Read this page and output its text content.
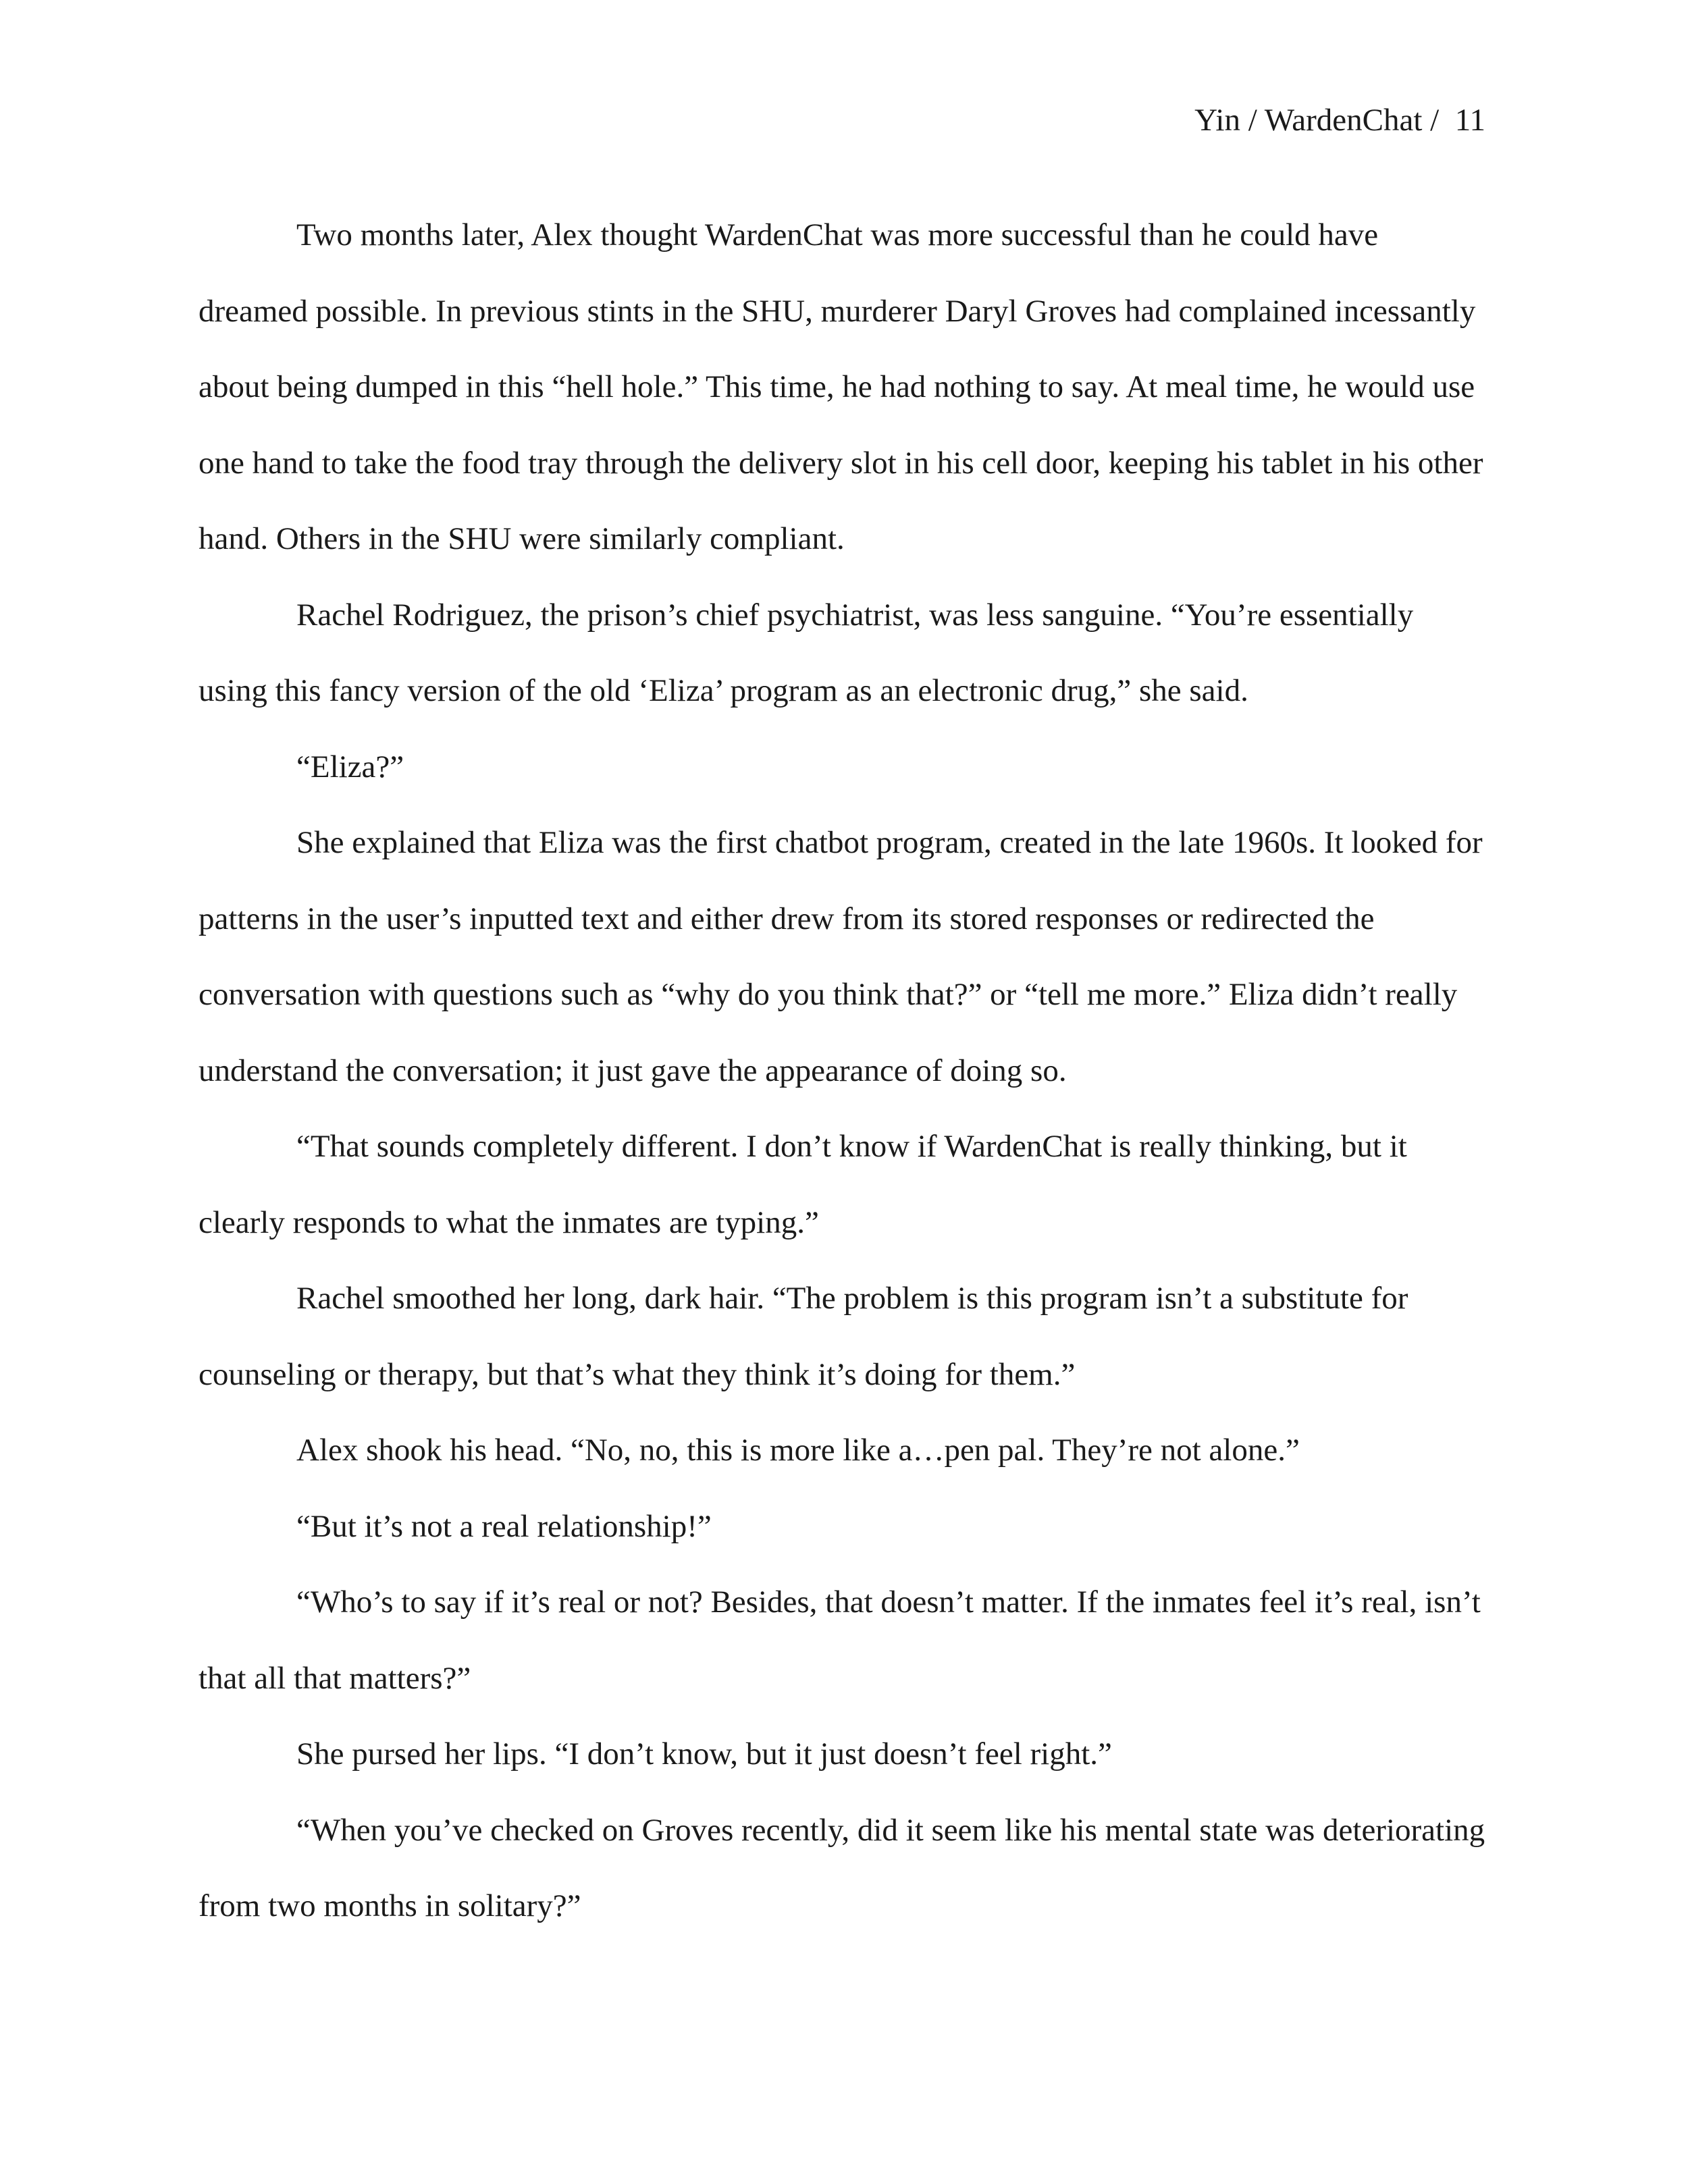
Yin / WardenChat /  11

Two months later, Alex thought WardenChat was more successful than he could have dreamed possible. In previous stints in the SHU, murderer Daryl Groves had complained incessantly about being dumped in this “hell hole.” This time, he had nothing to say. At meal time, he would use one hand to take the food tray through the delivery slot in his cell door, keeping his tablet in his other hand. Others in the SHU were similarly compliant.

Rachel Rodriguez, the prison’s chief psychiatrist, was less sanguine. “You’re essentially using this fancy version of the old ‘Eliza’ program as an electronic drug,” she said.

“Eliza?”

She explained that Eliza was the first chatbot program, created in the late 1960s. It looked for patterns in the user’s inputted text and either drew from its stored responses or redirected the conversation with questions such as “why do you think that?” or “tell me more.” Eliza didn’t really understand the conversation; it just gave the appearance of doing so.

“That sounds completely different. I don’t know if WardenChat is really thinking, but it clearly responds to what the inmates are typing.”

Rachel smoothed her long, dark hair. “The problem is this program isn’t a substitute for counseling or therapy, but that’s what they think it’s doing for them.”

Alex shook his head. “No, no, this is more like a…pen pal. They’re not alone.”

“But it’s not a real relationship!”

“Who’s to say if it’s real or not? Besides, that doesn’t matter. If the inmates feel it’s real, isn’t that all that matters?”

She pursed her lips. “I don’t know, but it just doesn’t feel right.”

“When you’ve checked on Groves recently, did it seem like his mental state was deteriorating from two months in solitary?”
